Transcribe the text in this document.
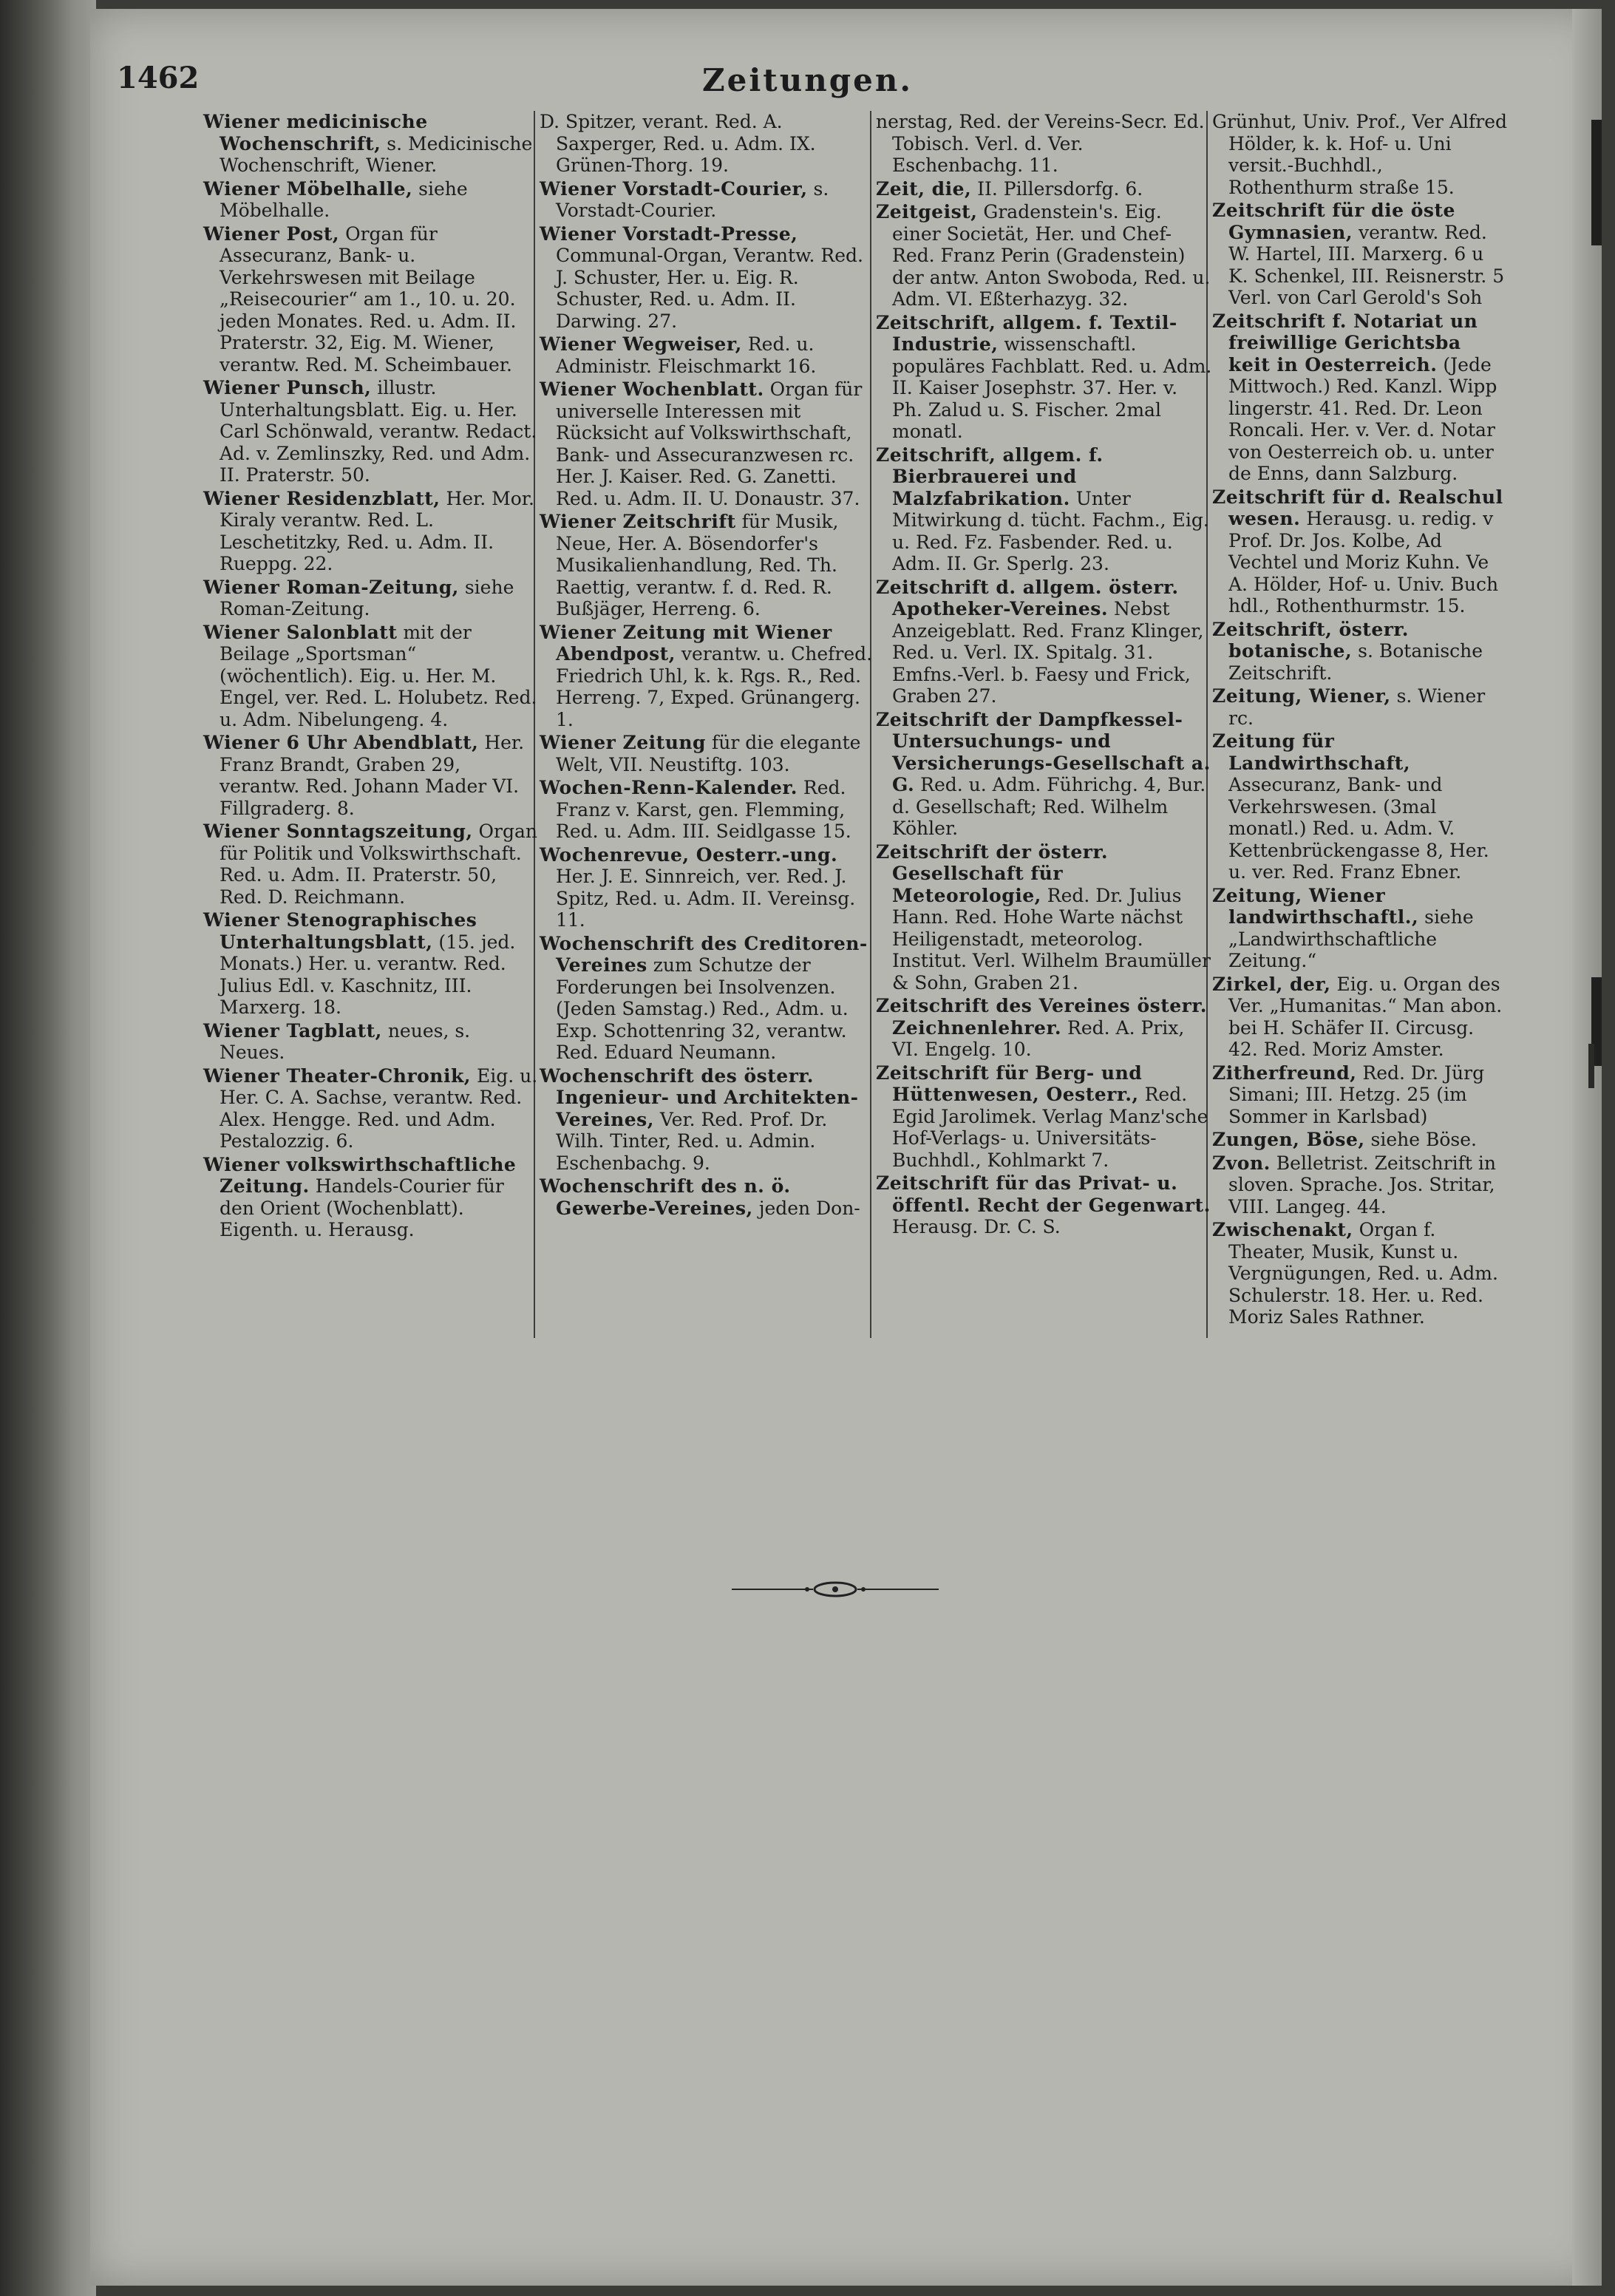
1462	Zeitungen.
Wiener medicinische Wochenschrift, s. Medicinische Wochenschrift, Wiener.
Wiener Möbelhalle, siehe Möbelhalle.
Wiener Post, Organ für Assecuranz, Bank- u. Verkehrswesen mit Beilage „Reisecourier“ am 1., 10. u. 20. jeden Monates. Red. u. Adm. II. Praterstr. 32, Eig. M. Wiener, verantw. Red. M. Scheimbauer.
Wiener Punsch, illustr. Unterhaltungsblatt. Eig. u. Her. Carl Schönwald, verantw. Redact. Ad. v. Zemlinszky, Red. und Adm. II. Praterstr. 50.
Wiener Residenzblatt, Her. Mor. Kiraly verantw. Red. L. Leschetitzky, Red. u. Adm. II. Rueppg. 22.
Wiener Roman-Zeitung, siehe Roman-Zeitung.
Wiener Salonblatt mit der Beilage „Sportsman“ (wöchentlich). Eig. u. Her. M. Engel, ver. Red. L. Holubetz. Red. u. Adm. Nibelungeng. 4.
Wiener 6 Uhr Abendblatt, Her. Franz Brandt, Graben 29, verantw. Red. Johann Mader VI. Fillgraderg. 8.
Wiener Sonntagszeitung, Organ für Politik und Volkswirthschaft. Red. u. Adm. II. Praterstr. 50, Red. D. Reichmann.
Wiener Stenographisches Unterhaltungsblatt, (15. jed. Monats.) Her. u. verantw. Red. Julius Edl. v. Kaschnitz, III. Marxerg. 18.
Wiener Tagblatt, neues, s. Neues.
Wiener Theater-Chronik, Eig. u. Her. C. A. Sachse, verantw. Red. Alex. Hengge. Red. und Adm. Pestalozzig. 6.
Wiener volkswirthschaftliche Zeitung. Handels-Courier für den Orient (Wochenblatt). Eigenth. u. Herausg.
D. Spitzer, verant. Red. A. Saxperger, Red. u. Adm. IX. Grünen-Thorg. 19.
Wiener Vorstadt-Courier, s. Vorstadt-Courier.
Wiener Vorstadt-Presse, Communal-Organ, Verantw. Red. J. Schuster, Her. u. Eig. R. Schuster, Red. u. Adm. II. Darwing. 27.
Wiener Wegweiser, Red. u. Administr. Fleischmarkt 16.
Wiener Wochenblatt. Organ für universelle Interessen mit Rücksicht auf Volkswirthschaft, Bank- und Assecuranzwesen rc. Her. J. Kaiser. Red. G. Zanetti. Red. u. Adm. II. U. Donaustr. 37.
Wiener Zeitschrift für Musik, Neue, Her. A. Bösendorfer's Musikalienhandlung, Red. Th. Raettig, verantw. f. d. Red. R. Bußjäger, Herreng. 6.
Wiener Zeitung mit Wiener Abendpost, verantw. u. Chefred. Friedrich Uhl, k. k. Rgs. R., Red. Herreng. 7, Exped. Grünangerg. 1.
Wiener Zeitung für die elegante Welt, VII. Neustiftg. 103.
Wochen-Renn-Kalender. Red. Franz v. Karst, gen. Flemming, Red. u. Adm. III. Seidlgasse 15.
Wochenrevue, Oesterr.-ung. Her. J. E. Sinnreich, ver. Red. J. Spitz, Red. u. Adm. II. Vereinsg. 11.
Wochenschrift des Creditoren-Vereines zum Schutze der Forderungen bei Insolvenzen. (Jeden Samstag.) Red., Adm. u. Exp. Schottenring 32, verantw. Red. Eduard Neumann.
Wochenschrift des österr. Ingenieur- und Architekten-Vereines, Ver. Red. Prof. Dr. Wilh. Tinter, Red. u. Admin. Eschenbachg. 9.
Wochenschrift des n. ö. Gewerbe-Vereines, jeden Don-
nerstag, Red. der Vereins-Secr. Ed. Tobisch. Verl. d. Ver. Eschenbachg. 11.
Zeit, die, II. Pillersdorfg. 6.
Zeitgeist, Gradenstein's. Eig. einer Societät, Her. und Chef-Red. Franz Perin (Gradenstein) der antw. Anton Swoboda, Red. u. Adm. VI. Eßterhazyg. 32.
Zeitschrift, allgem. f. Textil-Industrie, wissenschaftl. populäres Fachblatt. Red. u. Adm. II. Kaiser Josephstr. 37. Her. v. Ph. Zalud u. S. Fischer. 2mal monatl.
Zeitschrift, allgem. f. Bierbrauerei und Malzfabrikation. Unter Mitwirkung d. tücht. Fachm., Eig. u. Red. Fz. Fasbender. Red. u. Adm. II. Gr. Sperlg. 23.
Zeitschrift d. allgem. österr. Apotheker-Vereines. Nebst Anzeigeblatt. Red. Franz Klinger, Red. u. Verl. IX. Spitalg. 31. Emfns.-Verl. b. Faesy und Frick, Graben 27.
Zeitschrift der Dampfkessel-Untersuchungs- und Versicherungs-Gesellschaft a. G. Red. u. Adm. Führichg. 4, Bur. d. Gesellschaft; Red. Wilhelm Köhler.
Zeitschrift der österr. Gesellschaft für Meteorologie, Red. Dr. Julius Hann. Red. Hohe Warte nächst Heiligenstadt, meteorolog. Institut. Verl. Wilhelm Braumüller & Sohn, Graben 21.
Zeitschrift des Vereines österr. Zeichnenlehrer. Red. A. Prix, VI. Engelg. 10.
Zeitschrift für Berg- und Hüttenwesen, Oesterr., Red. Egid Jarolimek. Verlag Manz'sche Hof-Verlags- u. Universitäts-Buchhdl., Kohlmarkt 7.
Zeitschrift für das Privat- u. öffentl. Recht der Gegenwart. Herausg. Dr. C. S.
Grünhut, Univ. Prof., Ver Alfred Hölder, k. k. Hof- u. Uni versit.-Buchhdl., Rothenthurm straße 15.
Zeitschrift für die öste Gymnasien, verantw. Red. W. Hartel, III. Marxerg. 6 u K. Schenkel, III. Reisnerstr. 5 Verl. von Carl Gerold's Soh
Zeitschrift f. Notariat un freiwillige Gerichtsba keit in Oesterreich. (Jede Mittwoch.) Red. Kanzl. Wipp lingerstr. 41. Red. Dr. Leon Roncali. Her. v. Ver. d. Notar von Oesterreich ob. u. unter de Enns, dann Salzburg.
Zeitschrift für d. Realschul wesen. Herausg. u. redig. v Prof. Dr. Jos. Kolbe, Ad Vechtel und Moriz Kuhn. Ve A. Hölder, Hof- u. Univ. Buch hdl., Rothenthurmstr. 15.
Zeitschrift, österr. botanische, s. Botanische Zeitschrift.
Zeitung, Wiener, s. Wiener rc.
Zeitung für Landwirthschaft, Assecuranz, Bank- und Verkehrswesen. (3mal monatl.) Red. u. Adm. V. Kettenbrückengasse 8, Her. u. ver. Red. Franz Ebner.
Zeitung, Wiener landwirthschaftl., siehe „Landwirthschaftliche Zeitung.“
Zirkel, der, Eig. u. Organ des Ver. „Humanitas.“ Man abon. bei H. Schäfer II. Circusg. 42. Red. Moriz Amster.
Zitherfreund, Red. Dr. Jürg Simani; III. Hetzg. 25 (im Sommer in Karlsbad)
Zungen, Böse, siehe Böse.
Zvon. Belletrist. Zeitschrift in sloven. Sprache. Jos. Stritar, VIII. Langeg. 44.
Zwischenakt, Organ f. Theater, Musik, Kunst u. Vergnügungen, Red. u. Adm. Schulerstr. 18. Her. u. Red. Moriz Sales Rathner.
